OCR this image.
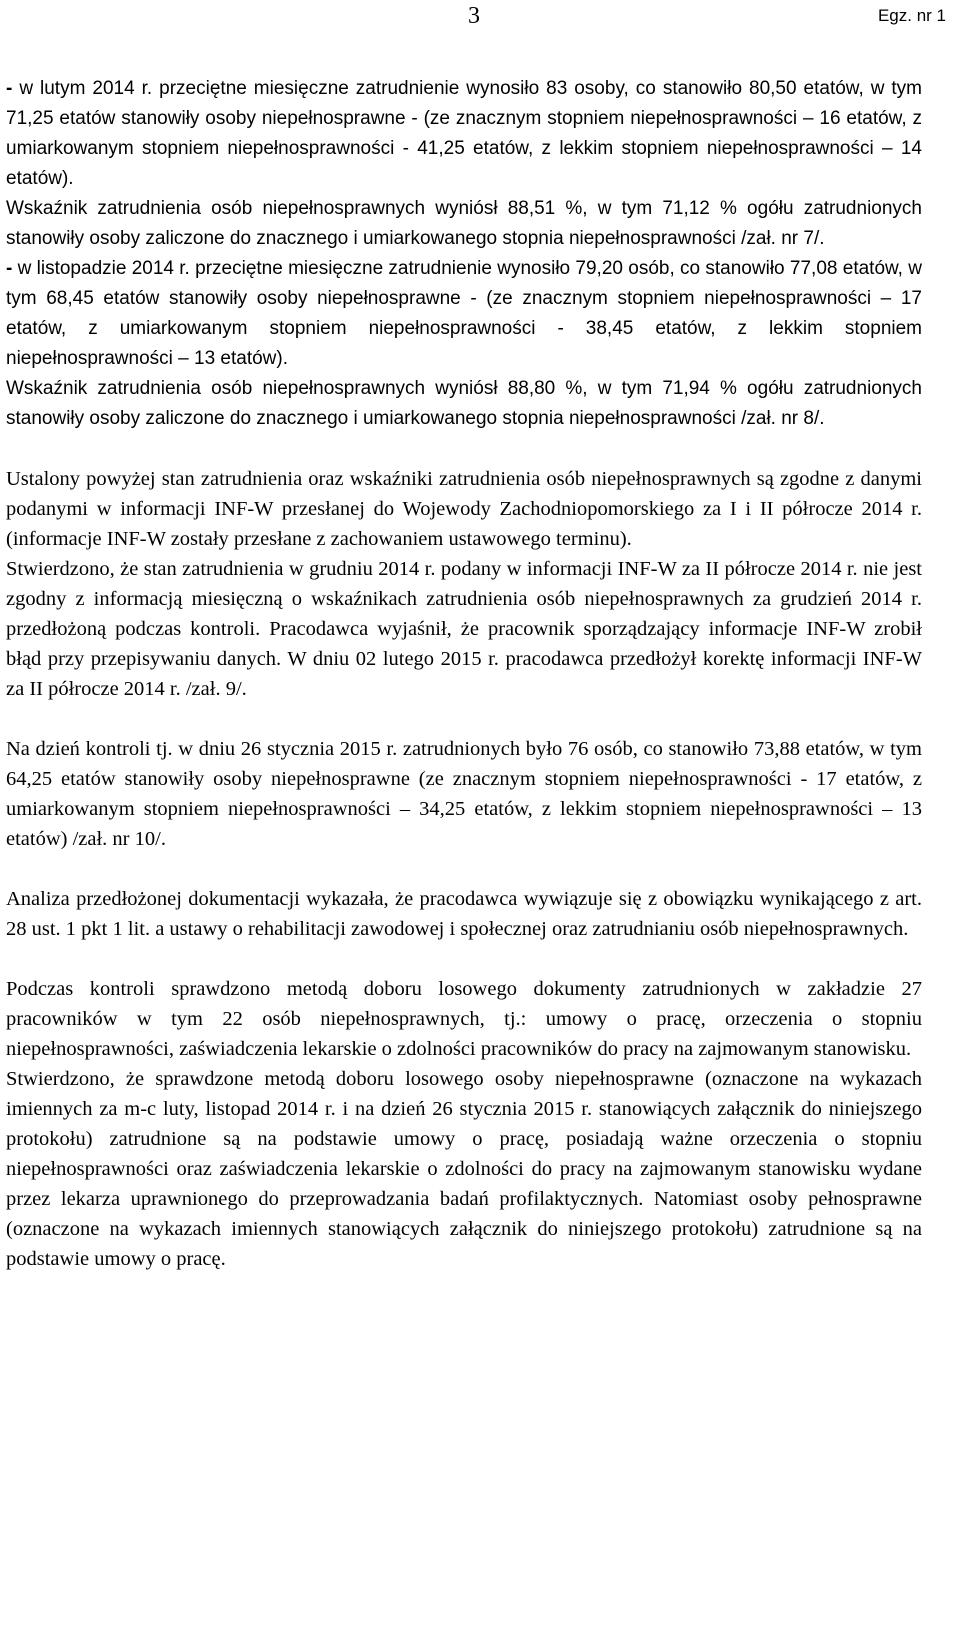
3	Egz. nr 1

- w lutym 2014 r. przeciętne miesięczne zatrudnienie wynosiło 83 osoby, co stanowiło 80,50 etatów, w tym 71,25 etatów stanowiły osoby niepełnosprawne - (ze znacznym stopniem niepełnosprawności – 16 etatów, z umiarkowanym stopniem niepełnosprawności - 41,25 etatów, z lekkim stopniem niepełnosprawności – 14 etatów).

Wskaźnik zatrudnienia osób niepełnosprawnych wyniósł 88,51 %, w tym 71,12 % ogółu zatrudnionych stanowiły osoby zaliczone do znacznego i umiarkowanego stopnia niepełnosprawności /zał. nr 7/.

- w listopadzie 2014 r. przeciętne miesięczne zatrudnienie wynosiło 79,20 osób, co stanowiło 77,08 etatów, w tym 68,45 etatów stanowiły osoby niepełnosprawne - (ze znacznym stopniem niepełnosprawności – 17 etatów, z umiarkowanym stopniem niepełnosprawności - 38,45 etatów, z lekkim stopniem niepełnosprawności – 13 etatów).

Wskaźnik zatrudnienia osób niepełnosprawnych wyniósł 88,80 %, w tym 71,94 % ogółu zatrudnionych stanowiły osoby zaliczone do znacznego i umiarkowanego stopnia niepełnosprawności /zał. nr 8/.

Ustalony powyżej stan zatrudnienia oraz wskaźniki zatrudnienia osób niepełnosprawnych są zgodne z danymi podanymi w informacji INF-W przesłanej do Wojewody Zachodniopomorskiego za I i II półrocze 2014 r. (informacje INF-W zostały przesłane z zachowaniem ustawowego terminu).

Stwierdzono, że stan zatrudnienia w grudniu 2014 r. podany w informacji INF-W za II półrocze 2014 r. nie jest zgodny z informacją miesięczną o wskaźnikach zatrudnienia osób niepełnosprawnych za grudzień 2014 r. przedłożoną podczas kontroli. Pracodawca wyjaśnił, że pracownik sporządzający informacje INF-W zrobił błąd przy przepisywaniu danych. W dniu 02 lutego 2015 r. pracodawca przedłożył korektę informacji INF-W za II półrocze 2014 r. /zał. 9/.

Na dzień kontroli tj. w dniu 26 stycznia 2015 r. zatrudnionych było 76 osób, co stanowiło 73,88 etatów, w tym 64,25 etatów stanowiły osoby niepełnosprawne (ze znacznym stopniem niepełnosprawności - 17 etatów, z umiarkowanym stopniem niepełnosprawności – 34,25 etatów, z lekkim stopniem niepełnosprawności – 13 etatów) /zał. nr 10/.

Analiza przedłożonej dokumentacji wykazała, że pracodawca wywiązuje się z obowiązku wynikającego z art. 28 ust. 1 pkt 1 lit. a ustawy o rehabilitacji zawodowej i społecznej oraz zatrudnianiu osób niepełnosprawnych.

Podczas kontroli sprawdzono metodą doboru losowego dokumenty zatrudnionych w zakładzie 27 pracowników w tym 22 osób niepełnosprawnych, tj.: umowy o pracę, orzeczenia o stopniu niepełnosprawności, zaświadczenia lekarskie o zdolności pracowników do pracy na zajmowanym stanowisku.

Stwierdzono, że sprawdzone metodą doboru losowego osoby niepełnosprawne (oznaczone na wykazach imiennych za m-c luty, listopad 2014 r. i na dzień 26 stycznia 2015 r. stanowiących załącznik do niniejszego protokołu) zatrudnione są na podstawie umowy o pracę, posiadają ważne orzeczenia o stopniu niepełnosprawności oraz zaświadczenia lekarskie o zdolności do pracy na zajmowanym stanowisku wydane przez lekarza uprawnionego do przeprowadzania badań profilaktycznych. Natomiast osoby pełnosprawne (oznaczone na wykazach imiennych stanowiących załącznik do niniejszego protokołu) zatrudnione są na podstawie umowy o pracę.
